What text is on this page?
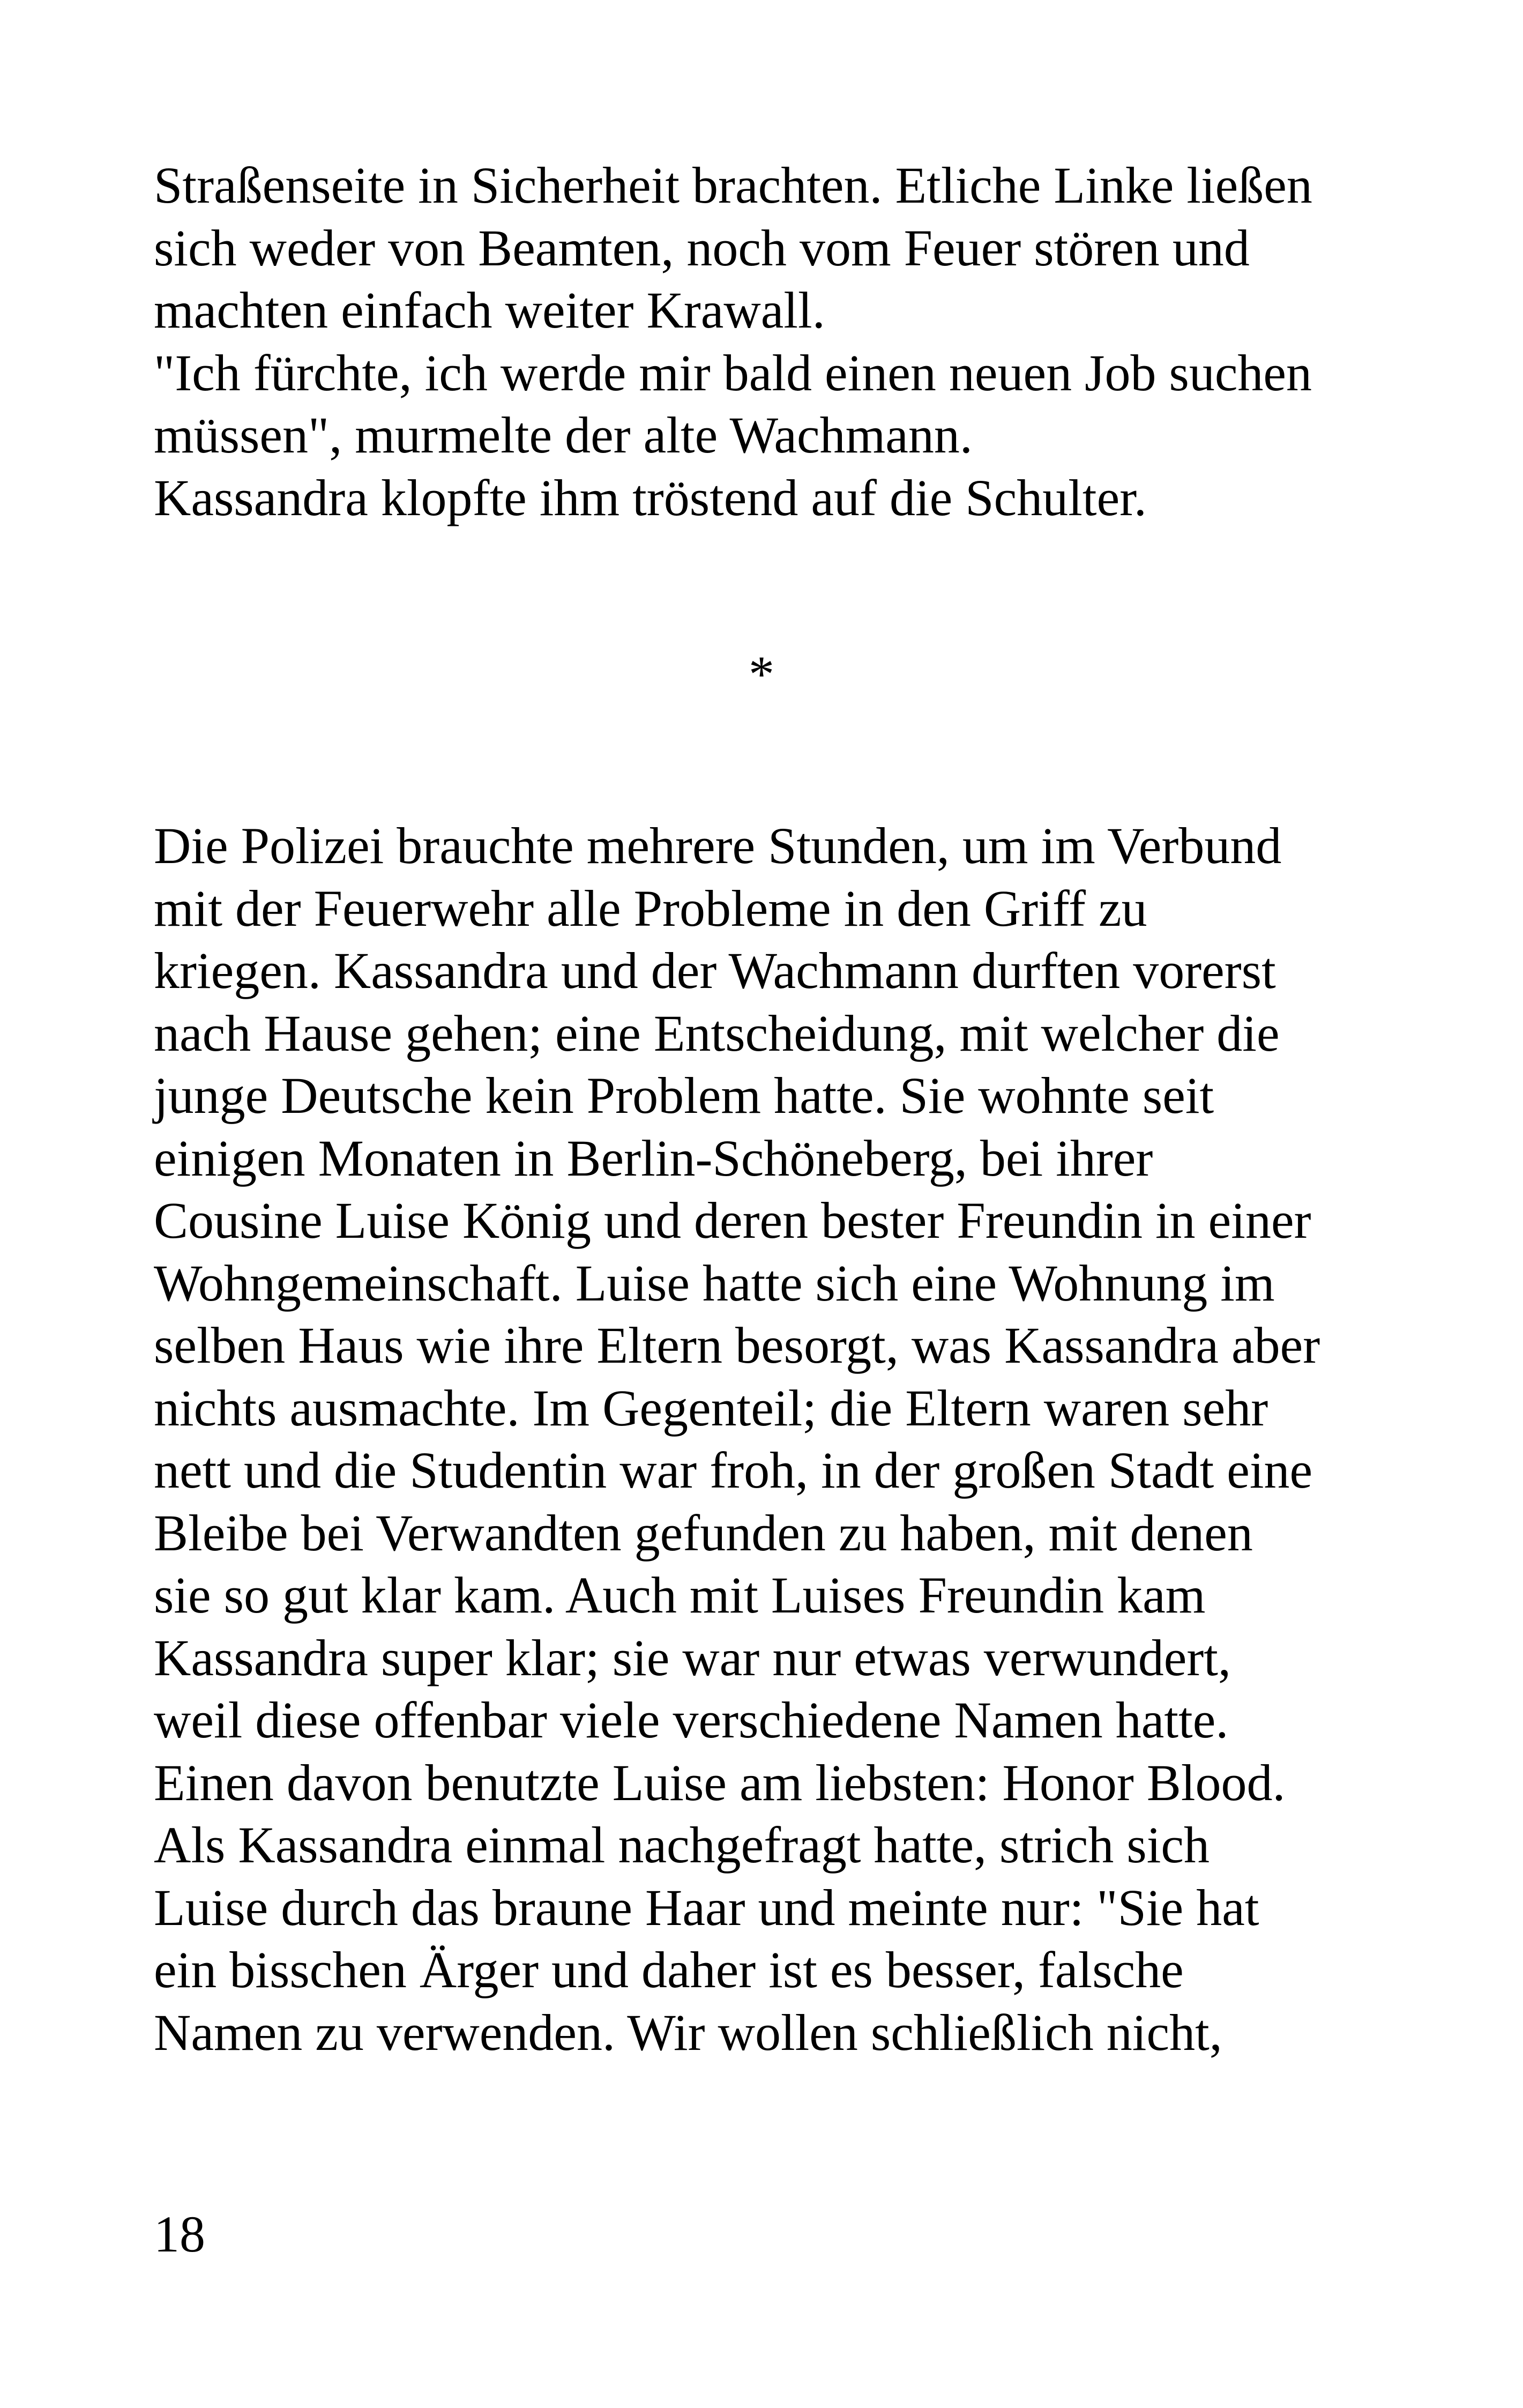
Straßenseite in Sicherheit brachten. Etliche Linke ließen
sich weder von Beamten, noch vom Feuer stören und
machten einfach weiter Krawall.
"Ich fürchte, ich werde mir bald einen neuen Job suchen
müssen", murmelte der alte Wachmann.
Kassandra klopfte ihm tröstend auf die Schulter.
*
Die Polizei brauchte mehrere Stunden, um im Verbund
mit der Feuerwehr alle Probleme in den Griff zu
kriegen. Kassandra und der Wachmann durften vorerst
nach Hause gehen; eine Entscheidung, mit welcher die
junge Deutsche kein Problem hatte. Sie wohnte seit
einigen Monaten in Berlin-Schöneberg, bei ihrer
Cousine Luise König und deren bester Freundin in einer
Wohngemeinschaft. Luise hatte sich eine Wohnung im
selben Haus wie ihre Eltern besorgt, was Kassandra aber
nichts ausmachte. Im Gegenteil; die Eltern waren sehr
nett und die Studentin war froh, in der großen Stadt eine
Bleibe bei Verwandten gefunden zu haben, mit denen
sie so gut klar kam. Auch mit Luises Freundin kam
Kassandra super klar; sie war nur etwas verwundert,
weil diese offenbar viele verschiedene Namen hatte.
Einen davon benutzte Luise am liebsten: Honor Blood.
Als Kassandra einmal nachgefragt hatte, strich sich
Luise durch das braune Haar und meinte nur: "Sie hat
ein bisschen Ärger und daher ist es besser, falsche
Namen zu verwenden. Wir wollen schließlich nicht,
18
